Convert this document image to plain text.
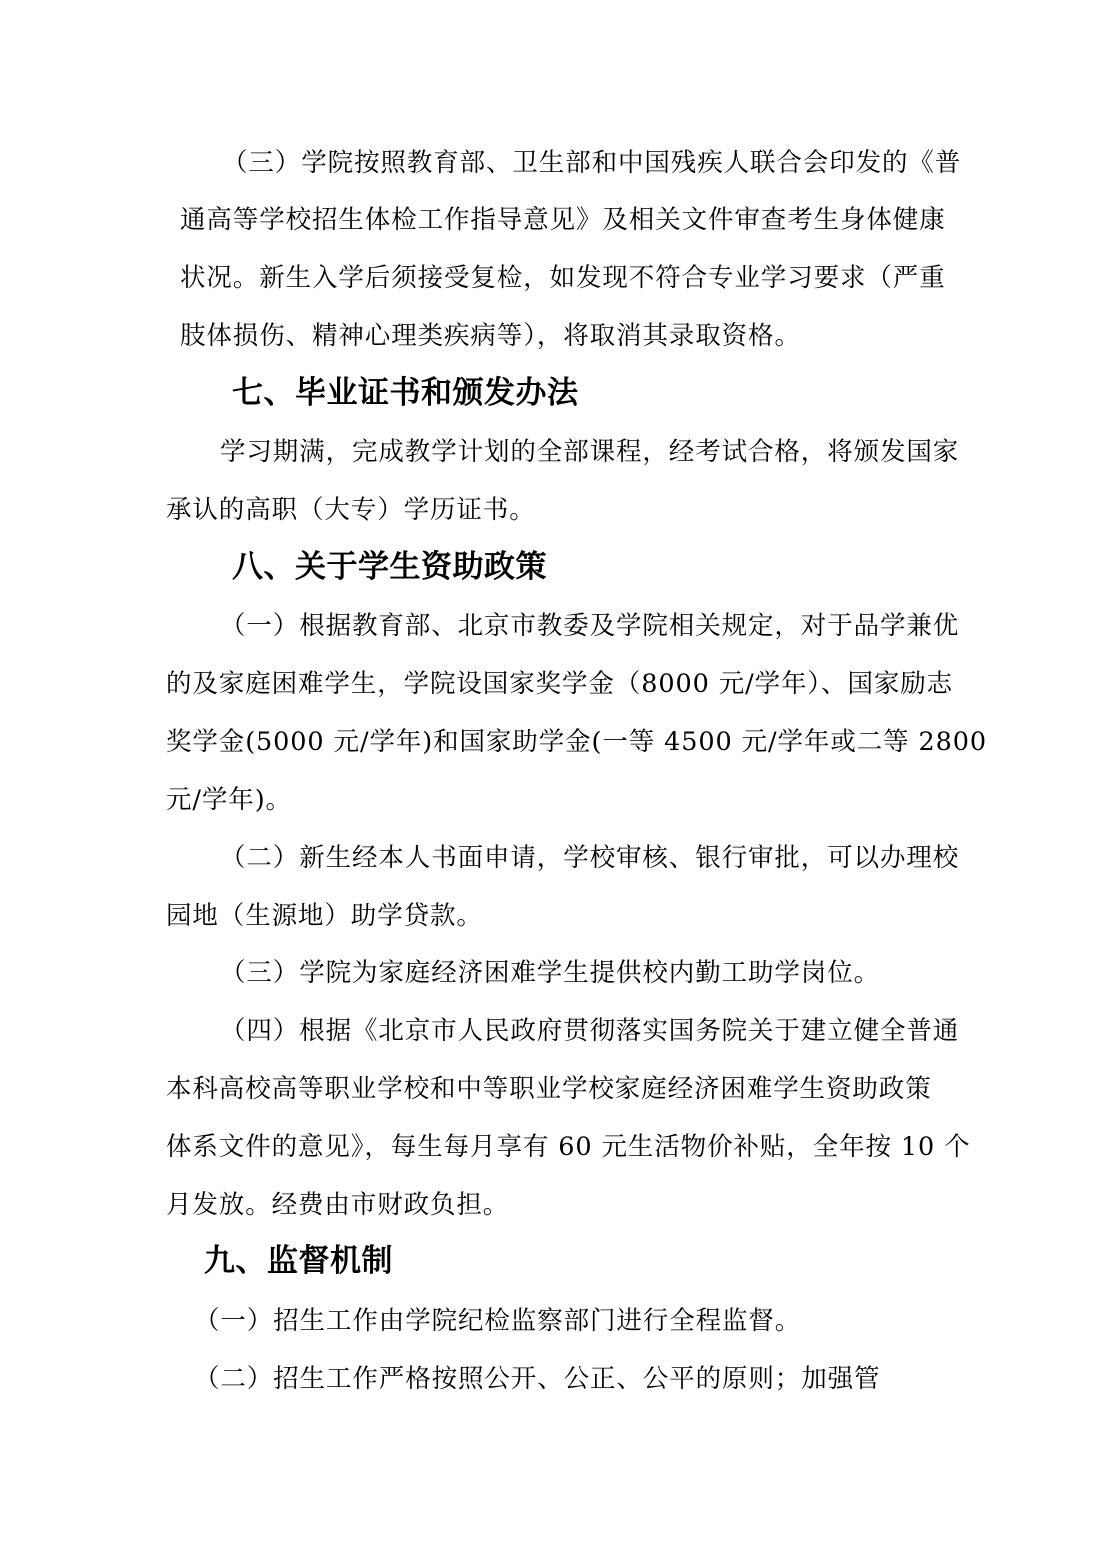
（三）学院按照教育部、卫生部和中国残疾人联合会印发的《普
通高等学校招生体检工作指导意见》及相关文件审查考生身体健康
状况。新生入学后须接受复检，如发现不符合专业学习要求（严重
肢体损伤、精神心理类疾病等），将取消其录取资格。
七、毕业证书和颁发办法
学习期满，完成教学计划的全部课程，经考试合格，将颁发国家
承认的高职（大专）学历证书。
八、关于学生资助政策
（一）根据教育部、北京市教委及学院相关规定，对于品学兼优
的及家庭困难学生，学院设国家奖学金（8000 元/学年）、国家励志
奖学金(5000 元/学年)和国家助学金(一等 4500 元/学年或二等 2800
元/学年)。
（二）新生经本人书面申请，学校审核、银行审批，可以办理校
园地（生源地）助学贷款。
（三）学院为家庭经济困难学生提供校内勤工助学岗位。
（四）根据《北京市人民政府贯彻落实国务院关于建立健全普通
本科高校高等职业学校和中等职业学校家庭经济困难学生资助政策
体系文件的意见》，每生每月享有 60 元生活物价补贴，全年按 10 个
月发放。经费由市财政负担。
九、监督机制
（一）招生工作由学院纪检监察部门进行全程监督。
（二）招生工作严格按照公开、公正、公平的原则；加强管
